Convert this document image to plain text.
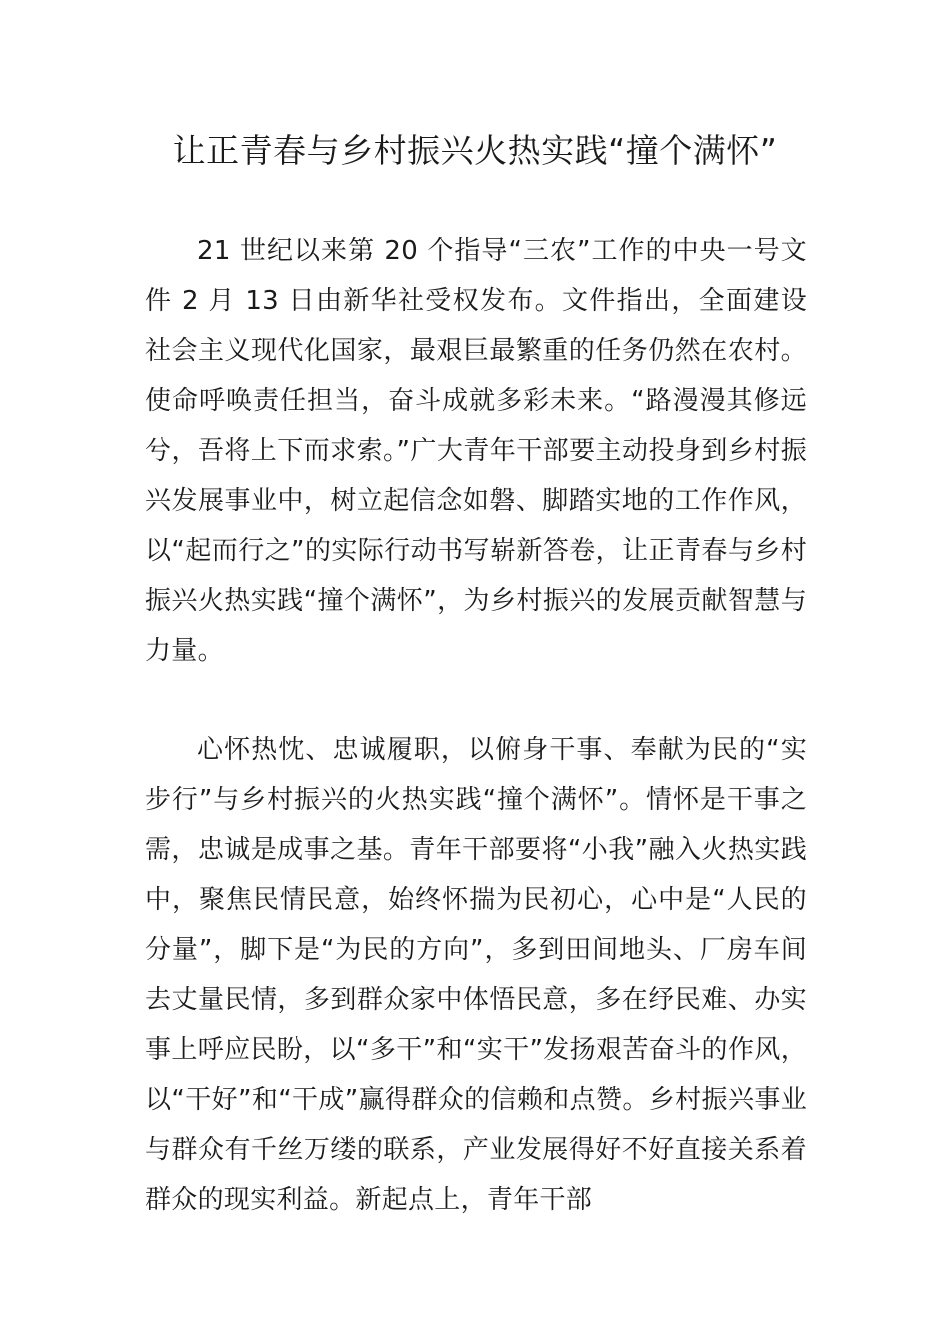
让正青春与乡村振兴火热实践“撞个满怀”

21 世纪以来第 20 个指导“三农”工作的中央一号文件 2 月 13 日由新华社受权发布。文件指出，全面建设社会主义现代化国家，最艰巨最繁重的任务仍然在农村。使命呼唤责任担当，奋斗成就多彩未来。“路漫漫其修远兮，吾将上下而求索。”广大青年干部要主动投身到乡村振兴发展事业中，树立起信念如磐、脚踏实地的工作作风，以“起而行之”的实际行动书写崭新答卷，让正青春与乡村振兴火热实践“撞个满怀”，为乡村振兴的发展贡献智慧与力量。

心怀热忱、忠诚履职，以俯身干事、奉献为民的“实步行”与乡村振兴的火热实践“撞个满怀”。情怀是干事之需，忠诚是成事之基。青年干部要将“小我”融入火热实践中，聚焦民情民意，始终怀揣为民初心，心中是“人民的分量”，脚下是“为民的方向”，多到田间地头、厂房车间去丈量民情，多到群众家中体悟民意，多在纾民难、办实事上呼应民盼，以“多干”和“实干”发扬艰苦奋斗的作风，以“干好”和“干成”赢得群众的信赖和点赞。乡村振兴事业与群众有千丝万缕的联系，产业发展得好不好直接关系着群众的现实利益。新起点上，青年干部
